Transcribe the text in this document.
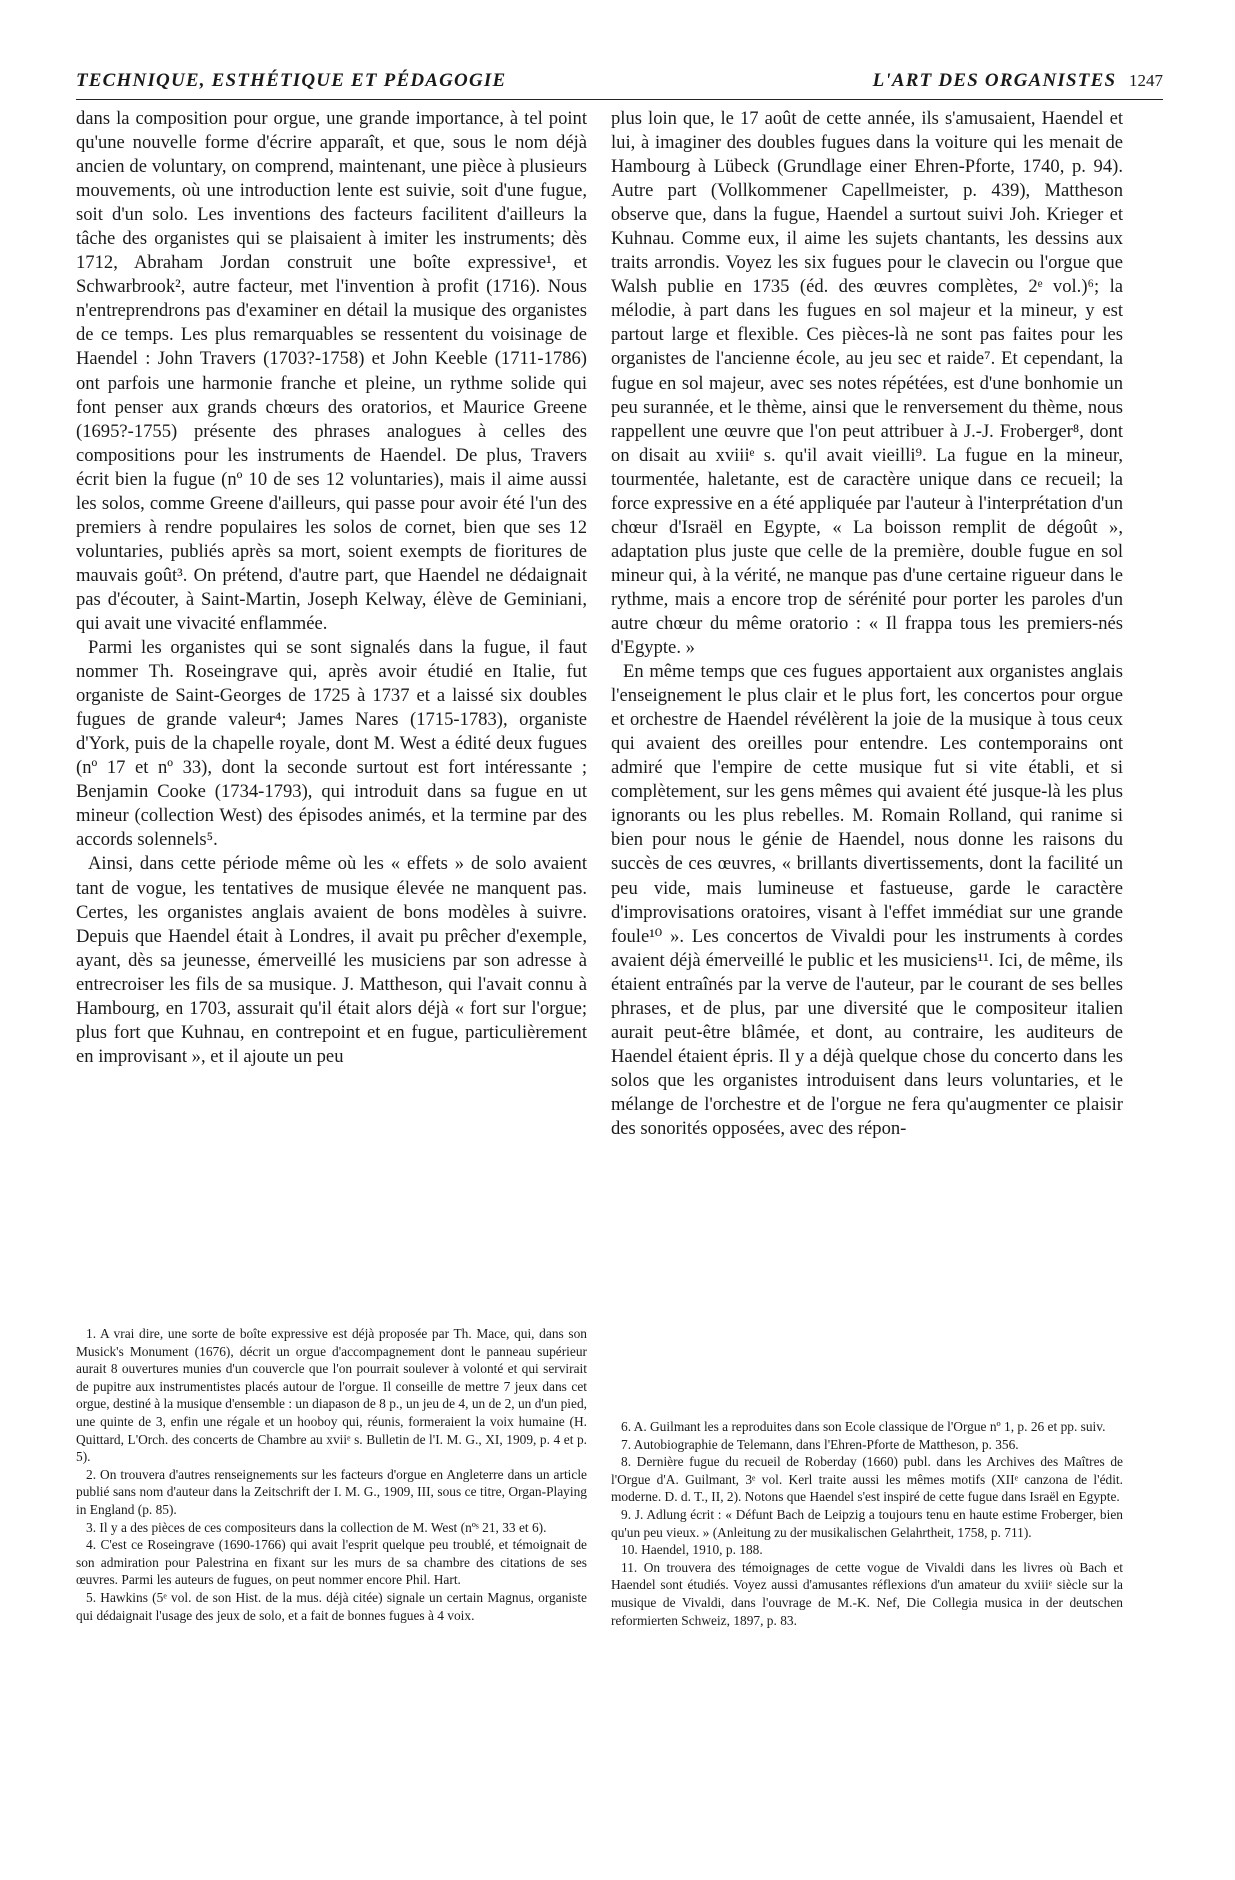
TECHNIQUE, ESTHÉTIQUE ET PÉDAGOGIE	L'ART DES ORGANISTES 1247

dans la composition pour orgue, une grande importance, à tel point qu'une nouvelle forme d'écrire apparaît, et que, sous le nom déjà ancien de voluntary, on comprend, maintenant, une pièce à plusieurs mouvements, où une introduction lente est suivie, soit d'une fugue, soit d'un solo. Les inventions des facteurs facilitent d'ailleurs la tâche des organistes qui se plaisaient à imiter les instruments; dès 1712, Abraham Jordan construit une boîte expressive¹, et Schwarbrook², autre facteur, met l'invention à profit (1716). Nous n'entreprendrons pas d'examiner en détail la musique des organistes de ce temps. Les plus remarquables se ressentent du voisinage de Haendel : John Travers (1703?-1758) et John Keeble (1711-1786) ont parfois une harmonie franche et pleine, un rythme solide qui font penser aux grands chœurs des oratorios, et Maurice Greene (1695?-1755) présente des phrases analogues à celles des compositions pour les instruments de Haendel. De plus, Travers écrit bien la fugue (nº 10 de ses 12 voluntaries), mais il aime aussi les solos, comme Greene d'ailleurs, qui passe pour avoir été l'un des premiers à rendre populaires les solos de cornet, bien que ses 12 voluntaries, publiés après sa mort, soient exempts de fioritures de mauvais goût³. On prétend, d'autre part, que Haendel ne dédaignait pas d'écouter, à Saint-Martin, Joseph Kelway, élève de Geminiani, qui avait une vivacité enflammée.

Parmi les organistes qui se sont signalés dans la fugue, il faut nommer Th. Roseingrave qui, après avoir étudié en Italie, fut organiste de Saint-Georges de 1725 à 1737 et a laissé six doubles fugues de grande valeur⁴; James Nares (1715-1783), organiste d'York, puis de la chapelle royale, dont M. West a édité deux fugues (nº 17 et nº 33), dont la seconde surtout est fort intéressante ; Benjamin Cooke (1734-1793), qui introduit dans sa fugue en ut mineur (collection West) des épisodes animés, et la termine par des accords solennels⁵.

Ainsi, dans cette période même où les « effets » de solo avaient tant de vogue, les tentatives de musique élevée ne manquent pas. Certes, les organistes anglais avaient de bons modèles à suivre. Depuis que Haendel était à Londres, il avait pu prêcher d'exemple, ayant, dès sa jeunesse, émerveillé les musiciens par son adresse à entrecroiser les fils de sa musique. J. Mattheson, qui l'avait connu à Hambourg, en 1703, assurait qu'il était alors déjà « fort sur l'orgue; plus fort que Kuhnau, en contrepoint et en fugue, particulièrement en improvisant », et il ajoute un peu

plus loin que, le 17 août de cette année, ils s'amusaient, Haendel et lui, à imaginer des doubles fugues dans la voiture qui les menait de Hambourg à Lübeck (Grundlage einer Ehren-Pforte, 1740, p. 94). Autre part (Vollkommener Capellmeister, p. 439), Mattheson observe que, dans la fugue, Haendel a surtout suivi Joh. Krieger et Kuhnau. Comme eux, il aime les sujets chantants, les dessins aux traits arrondis. Voyez les six fugues pour le clavecin ou l'orgue que Walsh publie en 1735 (éd. des œuvres complètes, 2ᵉ vol.)⁶; la mélodie, à part dans les fugues en sol majeur et la mineur, y est partout large et flexible. Ces pièces-là ne sont pas faites pour les organistes de l'ancienne école, au jeu sec et raide⁷. Et cependant, la fugue en sol majeur, avec ses notes répétées, est d'une bonhomie un peu surannée, et le thème, ainsi que le renversement du thème, nous rappellent une œuvre que l'on peut attribuer à J.-J. Froberger⁸, dont on disait au xviiiᵉ s. qu'il avait vieilli⁹. La fugue en la mineur, tourmentée, haletante, est de caractère unique dans ce recueil; la force expressive en a été appliquée par l'auteur à l'interprétation d'un chœur d'Israël en Egypte, « La boisson remplit de dégoût », adaptation plus juste que celle de la première, double fugue en sol mineur qui, à la vérité, ne manque pas d'une certaine rigueur dans le rythme, mais a encore trop de sérénité pour porter les paroles d'un autre chœur du même oratorio : « Il frappa tous les premiers-nés d'Egypte. »

En même temps que ces fugues apportaient aux organistes anglais l'enseignement le plus clair et le plus fort, les concertos pour orgue et orchestre de Haendel révélèrent la joie de la musique à tous ceux qui avaient des oreilles pour entendre. Les contemporains ont admiré que l'empire de cette musique fut si vite établi, et si complètement, sur les gens mêmes qui avaient été jusque-là les plus ignorants ou les plus rebelles. M. Romain Rolland, qui ranime si bien pour nous le génie de Haendel, nous donne les raisons du succès de ces œuvres, « brillants divertissements, dont la facilité un peu vide, mais lumineuse et fastueuse, garde le caractère d'improvisations oratoires, visant à l'effet immédiat sur une grande foule¹⁰ ». Les concertos de Vivaldi pour les instruments à cordes avaient déjà émerveillé le public et les musiciens¹¹. Ici, de même, ils étaient entraînés par la verve de l'auteur, par le courant de ses belles phrases, et de plus, par une diversité que le compositeur italien aurait peut-être blâmée, et dont, au contraire, les auditeurs de Haendel étaient épris. Il y a déjà quelque chose du concerto dans les solos que les organistes introduisent dans leurs voluntaries, et le mélange de l'orchestre et de l'orgue ne fera qu'augmenter ce plaisir des sonorités opposées, avec des répon-

1. A vrai dire, une sorte de boîte expressive est déjà proposée par Th. Mace, qui, dans son Musick's Monument (1676), décrit un orgue d'accompagnement dont le panneau supérieur aurait 8 ouvertures munies d'un couvercle que l'on pourrait soulever à volonté et qui servirait de pupitre aux instrumentistes placés autour de l'orgue. Il conseille de mettre 7 jeux dans cet orgue, destiné à la musique d'ensemble : un diapason de 8 p., un jeu de 4, un de 2, un d'un pied, une quinte de 3, enfin une régale et un hooboy qui, réunis, formeraient la voix humaine (H. Quittard, L'Orch. des concerts de Chambre au xviiᵉ s. Bulletin de l'I. M. G., XI, 1909, p. 4 et p. 5).

2. On trouvera d'autres renseignements sur les facteurs d'orgue en Angleterre dans un article publié sans nom d'auteur dans la Zeitschrift der I. M. G., 1909, III, sous ce titre, Organ-Playing in England (p. 85).

3. Il y a des pièces de ces compositeurs dans la collection de M. West (nºˢ 21, 33 et 6).

4. C'est ce Roseingrave (1690-1766) qui avait l'esprit quelque peu troublé, et témoignait de son admiration pour Palestrina en fixant sur les murs de sa chambre des citations de ses œuvres. Parmi les auteurs de fugues, on peut nommer encore Phil. Hart.

5. Hawkins (5ᵉ vol. de son Hist. de la mus. déjà citée) signale un certain Magnus, organiste qui dédaignait l'usage des jeux de solo, et a fait de bonnes fugues à 4 voix.

6. A. Guilmant les a reproduites dans son Ecole classique de l'Orgue nº 1, p. 26 et pp. suiv.

7. Autobiographie de Telemann, dans l'Ehren-Pforte de Mattheson, p. 356.

8. Dernière fugue du recueil de Roberday (1660) publ. dans les Archives des Maîtres de l'Orgue d'A. Guilmant, 3ᵉ vol. Kerl traite aussi les mêmes motifs (XIIᵉ canzona de l'édit. moderne. D. d. T., II, 2). Notons que Haendel s'est inspiré de cette fugue dans Israël en Egypte.

9. J. Adlung écrit : « Défunt Bach de Leipzig a toujours tenu en haute estime Froberger, bien qu'un peu vieux. » (Anleitung zu der musikalischen Gelahrtheit, 1758, p. 711).

10. Haendel, 1910, p. 188.

11. On trouvera des témoignages de cette vogue de Vivaldi dans les livres où Bach et Haendel sont étudiés. Voyez aussi d'amusantes réflexions d'un amateur du xviiiᵉ siècle sur la musique de Vivaldi, dans l'ouvrage de M.-K. Nef, Die Collegia musica in der deutschen reformierten Schweiz, 1897, p. 83.
